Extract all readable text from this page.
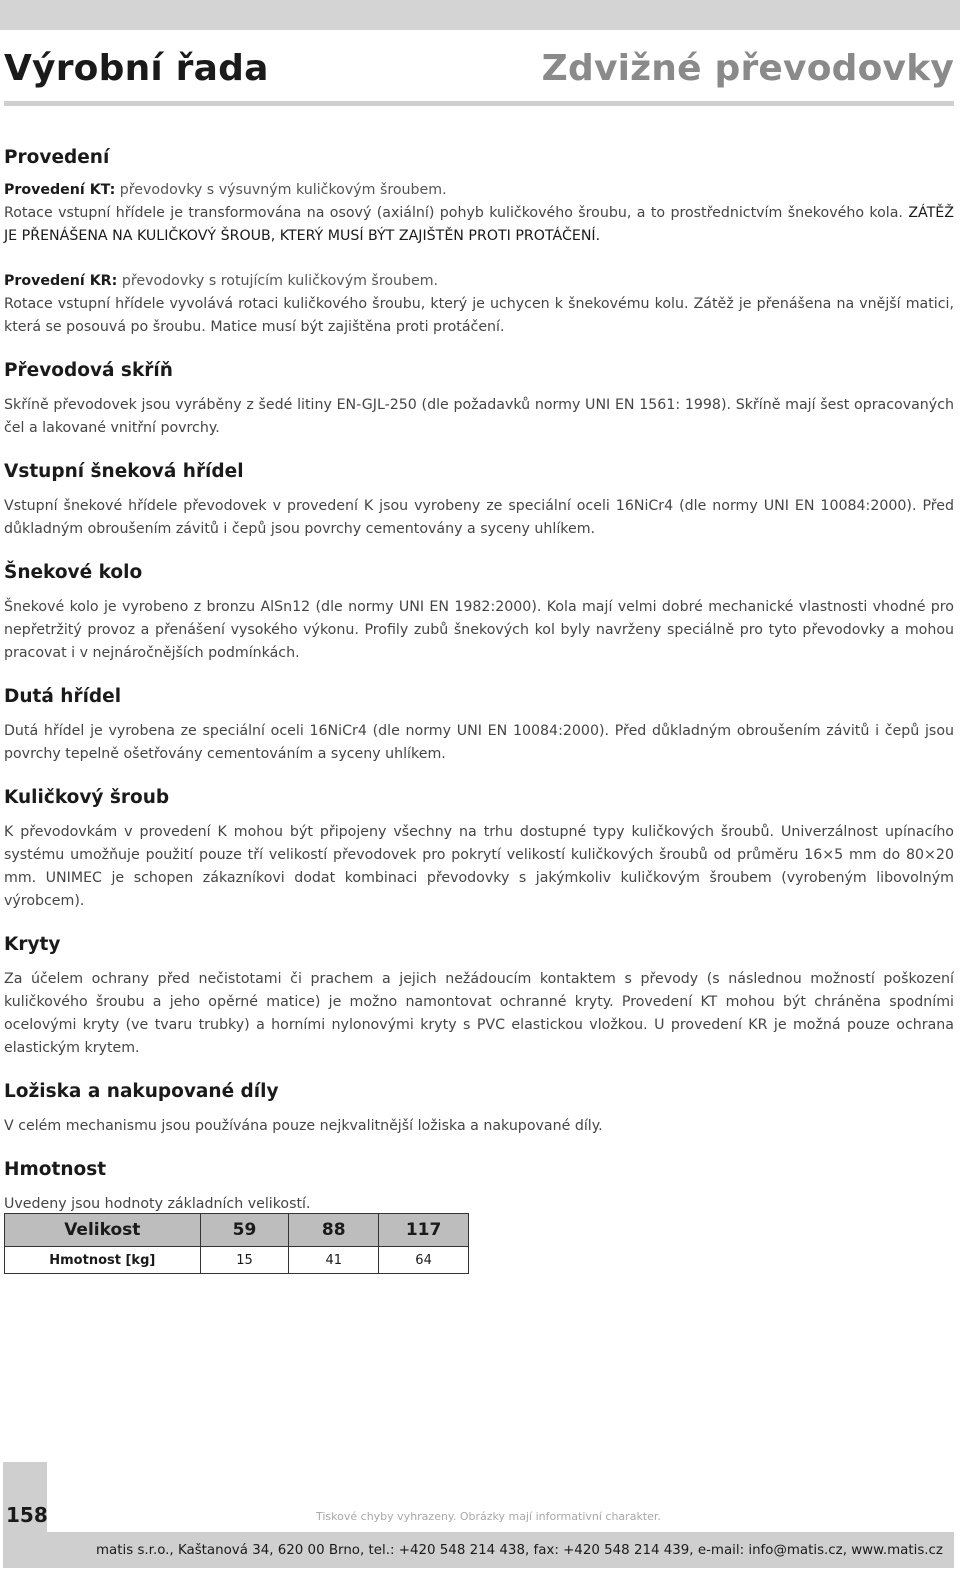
Výrobní řada	Zdvižné převodovky
Provedení

Provedení KT: převodovky s výsuvným kuličkovým šroubem.
Rotace vstupní hřídele je transformována na osový (axiální) pohyb kuličkového šroubu, a to prostřednictvím šnekového kola. ZÁTĚŽ JE PŘENÁŠENA NA KULIČKOVÝ ŠROUB, KTERÝ MUSÍ BÝT ZAJIŠTĚN PROTI PROTÁČENÍ.

Provedení KR: převodovky s rotujícím kuličkovým šroubem.
Rotace vstupní hřídele vyvolává rotaci kuličkového šroubu, který je uchycen k šnekovému kolu. Zátěž je přenášena na vnější matici, která se posouvá po šroubu. Matice musí být zajištěna proti protáčení.

Převodová skříň

Skříně převodovek jsou vyráběny z šedé litiny EN-GJL-250 (dle požadavků normy UNI EN 1561: 1998). Skříně mají šest opracovaných čel a lakované vnitřní povrchy.

Vstupní šneková hřídel

Vstupní šnekové hřídele převodovek v provedení K jsou vyrobeny ze speciální oceli 16NiCr4 (dle normy UNI EN 10084:2000). Před důkladným obroušením závitů i čepů jsou povrchy cementovány a syceny uhlíkem.

Šnekové kolo

Šnekové kolo je vyrobeno z bronzu AlSn12 (dle normy UNI EN 1982:2000). Kola mají velmi dobré mechanické vlastnosti vhodné pro nepřetržitý provoz a přenášení vysokého výkonu. Profily zubů šnekových kol byly navrženy speciálně pro tyto převodovky a mohou pracovat i v nejnáročnějších podmínkách.

Dutá hřídel

Dutá hřídel je vyrobena ze speciální oceli 16NiCr4 (dle normy UNI EN 10084:2000). Před důkladným obroušením závitů i čepů jsou povrchy tepelně ošetřovány cementováním a syceny uhlíkem.

Kuličkový šroub

K převodovkám v provedení K mohou být připojeny všechny na trhu dostupné typy kuličkových šroubů. Univerzálnost upínacího systému umožňuje použití pouze tří velikostí převodovek pro pokrytí velikostí kuličkových šroubů od průměru 16×5 mm do 80×20 mm. UNIMEC je schopen zákazníkovi dodat kombinaci převodovky s jakýmkoliv kuličkovým šroubem (vyrobeným libovolným výrobcem).

Kryty

Za účelem ochrany před nečistotami či prachem a jejich nežádoucím kontaktem s převody (s následnou možností poškození kuličkového šroubu a jeho opěrné matice) je možno namontovat ochranné kryty. Provedení KT mohou být chráněna spodními ocelovými kryty (ve tvaru trubky) a horními nylonovými kryty s PVC elastickou vložkou. U provedení KR je možná pouze ochrana elastickým krytem.

Ložiska a nakupované díly

V celém mechanismu jsou používána pouze nejkvalitnější ložiska a nakupované díly.

Hmotnost

Uvedeny jsou hodnoty základních velikostí.

Velikost	59	88	117
Hmotnost [kg]	15	41	64
158	Tiskové chyby vyhrazeny. Obrázky mají informativní charakter.
matis s.r.o., Kaštanová 34, 620 00 Brno, tel.: +420 548 214 438, fax: +420 548 214 439, e-mail: info@matis.cz, www.matis.cz
